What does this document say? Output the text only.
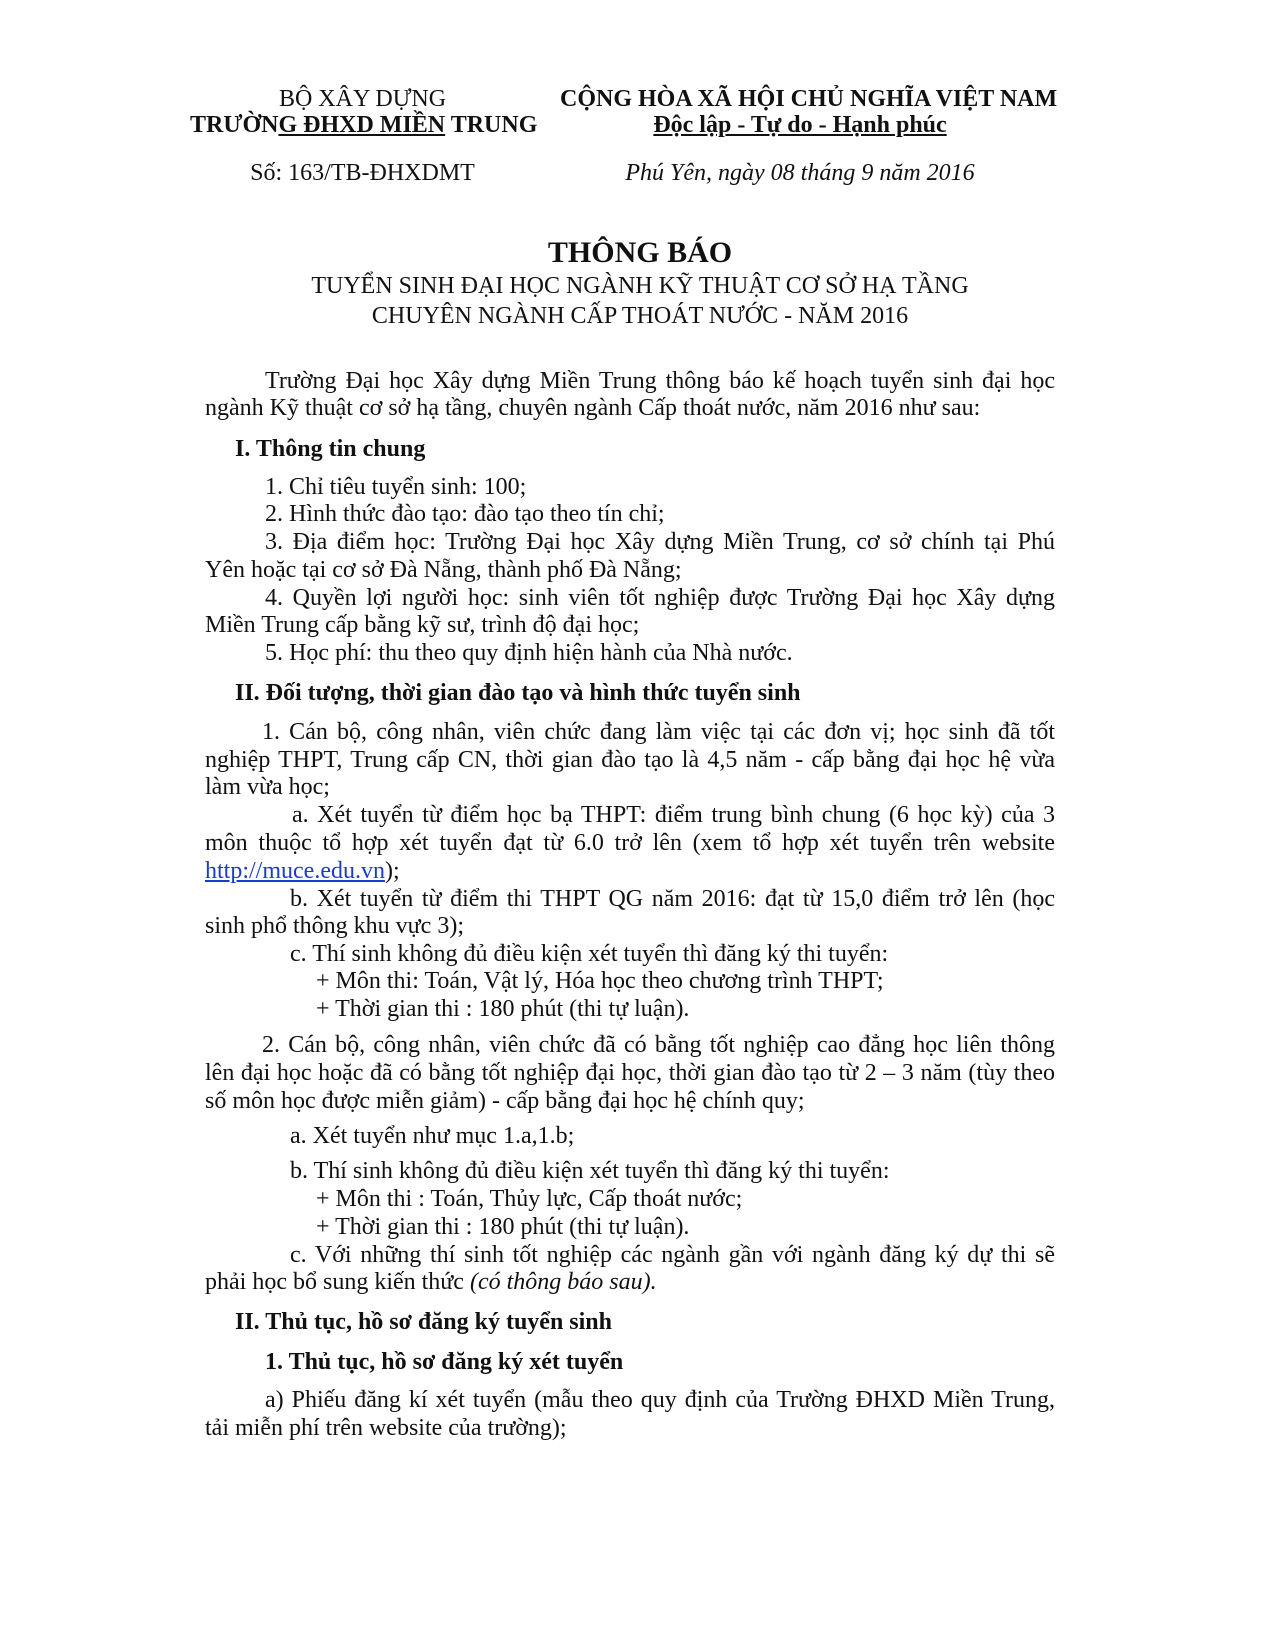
BỘ XÂY DỰNG
TRƯỜNG ĐHXD MIỀN TRUNG
Số: 163/TB-ĐHXDMT
CỘNG HÒA XÃ HỘI CHỦ NGHĨA VIỆT NAM
Độc lập - Tự do - Hạnh phúc
Phú Yên, ngày 08 tháng 9 năm 2016
THÔNG BÁO
TUYỂN SINH ĐẠI HỌC NGÀNH KỸ THUẬT CƠ SỞ HẠ TẦNG
CHUYÊN NGÀNH CẤP THOÁT NƯỚC - NĂM 2016
Trường Đại học Xây dựng Miền Trung thông báo kế hoạch tuyển sinh đại học
ngành Kỹ thuật cơ sở hạ tầng, chuyên ngành Cấp thoát nước, năm 2016 như sau:
I. Thông tin chung
1. Chỉ tiêu tuyển sinh: 100;
2. Hình thức đào tạo: đào tạo theo tín chỉ;
3. Địa điểm học: Trường Đại học Xây dựng Miền Trung, cơ sở chính tại Phú
Yên hoặc tại cơ sở Đà Nẵng, thành phố Đà Nẵng;
4. Quyền lợi người học: sinh viên tốt nghiệp được Trường Đại học Xây dựng
Miền Trung cấp bằng kỹ sư, trình độ đại học;
5. Học phí: thu theo quy định hiện hành của Nhà nước.
II. Đối tượng, thời gian đào tạo và hình thức tuyển sinh
1. Cán bộ, công nhân, viên chức đang làm việc tại các đơn vị; học sinh đã tốt
nghiệp THPT, Trung cấp CN, thời gian đào tạo là 4,5 năm - cấp bằng đại học hệ vừa
làm vừa học;
a. Xét tuyển từ điểm học bạ THPT: điểm trung bình chung (6 học kỳ) của 3
môn thuộc tổ hợp xét tuyển đạt từ 6.0 trở lên (xem tổ hợp xét tuyển trên website
http://muce.edu.vn);
b. Xét tuyển từ điểm thi THPT QG năm 2016: đạt từ 15,0 điểm trở lên (học
sinh phổ thông khu vực 3);
c. Thí sinh không đủ điều kiện xét tuyển thì đăng ký thi tuyển:
+ Môn thi: Toán, Vật lý, Hóa học theo chương trình THPT;
+ Thời gian thi : 180 phút (thi tự luận).
2. Cán bộ, công nhân, viên chức đã có bằng tốt nghiệp cao đẳng học liên thông
lên đại học hoặc đã có bằng tốt nghiệp đại học, thời gian đào tạo từ 2 – 3 năm (tùy theo
số môn học được miễn giảm) - cấp bằng đại học hệ chính quy;
a. Xét tuyển như mục 1.a,1.b;
b. Thí sinh không đủ điều kiện xét tuyển thì đăng ký thi tuyển:
+ Môn thi : Toán, Thủy lực, Cấp thoát nước;
+ Thời gian thi : 180 phút (thi tự luận).
c. Với những thí sinh tốt nghiệp các ngành gần với ngành đăng ký dự thi sẽ
phải học bổ sung kiến thức (có thông báo sau).
II. Thủ tục, hồ sơ đăng ký tuyển sinh
1. Thủ tục, hồ sơ đăng ký xét tuyển
a) Phiếu đăng kí xét tuyển (mẫu theo quy định của Trường ĐHXD Miền Trung,
tải miễn phí trên website của trường);
